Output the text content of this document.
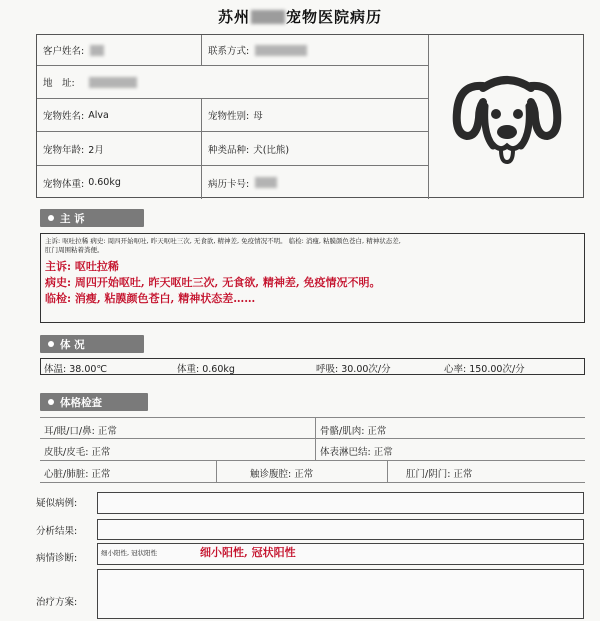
苏州 宠物医院病历
客户姓名:	联系方式:
地　址:
宠物姓名: Alva	宠物性别: 母
宠物年龄: 2月	种类品种: 犬(比熊)
宠物体重: 0.60kg	病历卡号:
主 诉
主诉: 呕吐拉稀 病史: 周四开始呕吐, 昨天呕吐三次, 无食欲, 精神差, 免疫情况不明。 临检: 消瘦, 粘膜颜色苍白, 精神状态差,
肛门周围粘着粪便。
主诉: 呕吐拉稀
病史: 周四开始呕吐, 昨天呕吐三次, 无食欲, 精神差, 免疫情况不明。
临检: 消瘦, 粘膜颜色苍白, 精神状态差……
体 况
体温: 38.00℃	体重: 0.60kg	呼吸: 30.00次/分	心率: 150.00次/分
体格检查
耳/眼/口/鼻: 正常	骨骼/肌肉: 正常
皮肤/皮毛: 正常	体表淋巴结: 正常
心脏/肺脏: 正常	触诊腹腔: 正常	肛门/阴门: 正常
疑似病例:
分析结果:
病情诊断:	细小阳性, 冠状阳性	细小阳性, 冠状阳性
治疗方案:
